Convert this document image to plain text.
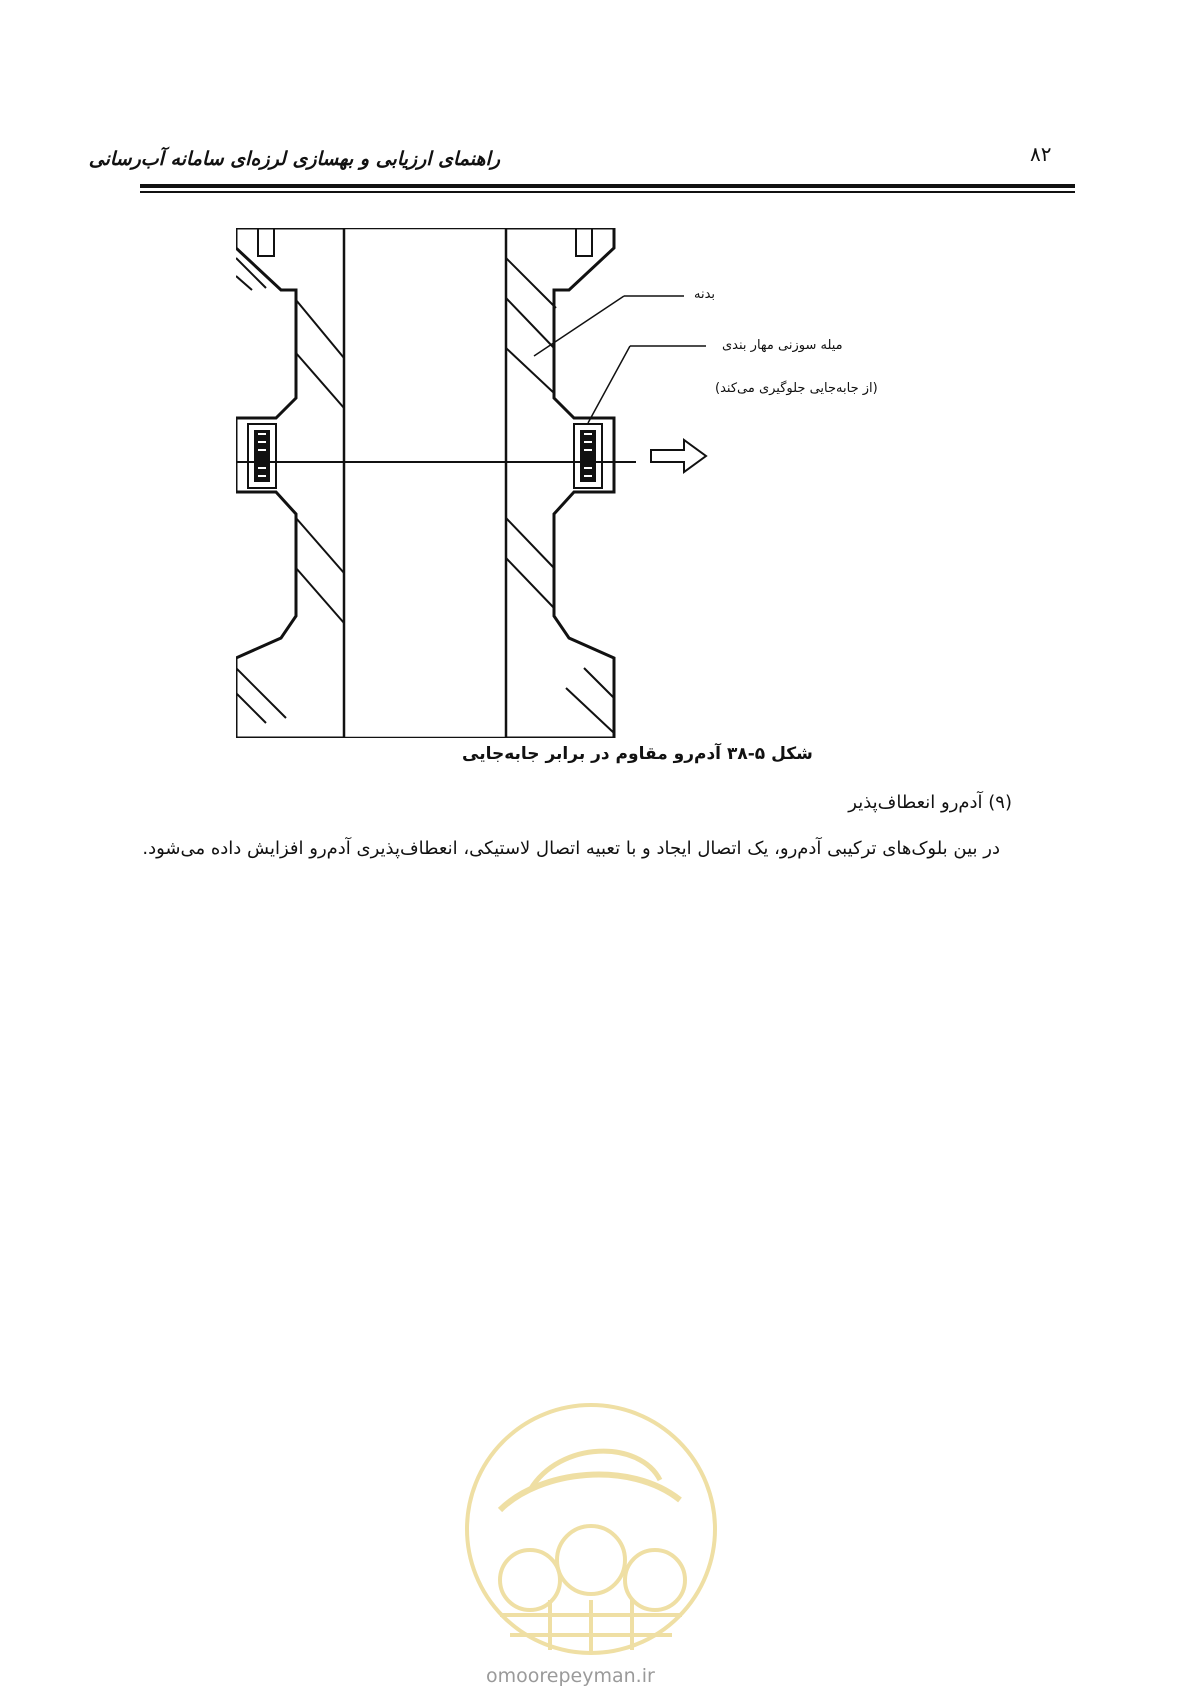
راهنمای ارزیابی و بهسازی لرزه‌ای سامانه آب‌رسانی	۸۲
بدنه
میله سوزنی مهار بندی
(از جابه‌جایی جلوگیری می‌کند)
شکل ۵-۳۸ آدم‌رو مقاوم در برابر جابه‌جایی
(۹) آدم‌رو انعطاف‌پذیر
در بین بلوک‌های ترکیبی آدم‌رو، یک اتصال ایجاد و با تعبیه اتصال لاستیکی، انعطاف‌پذیری آدم‌رو افزایش داده می‌شود.
omoorepeyman.ir
